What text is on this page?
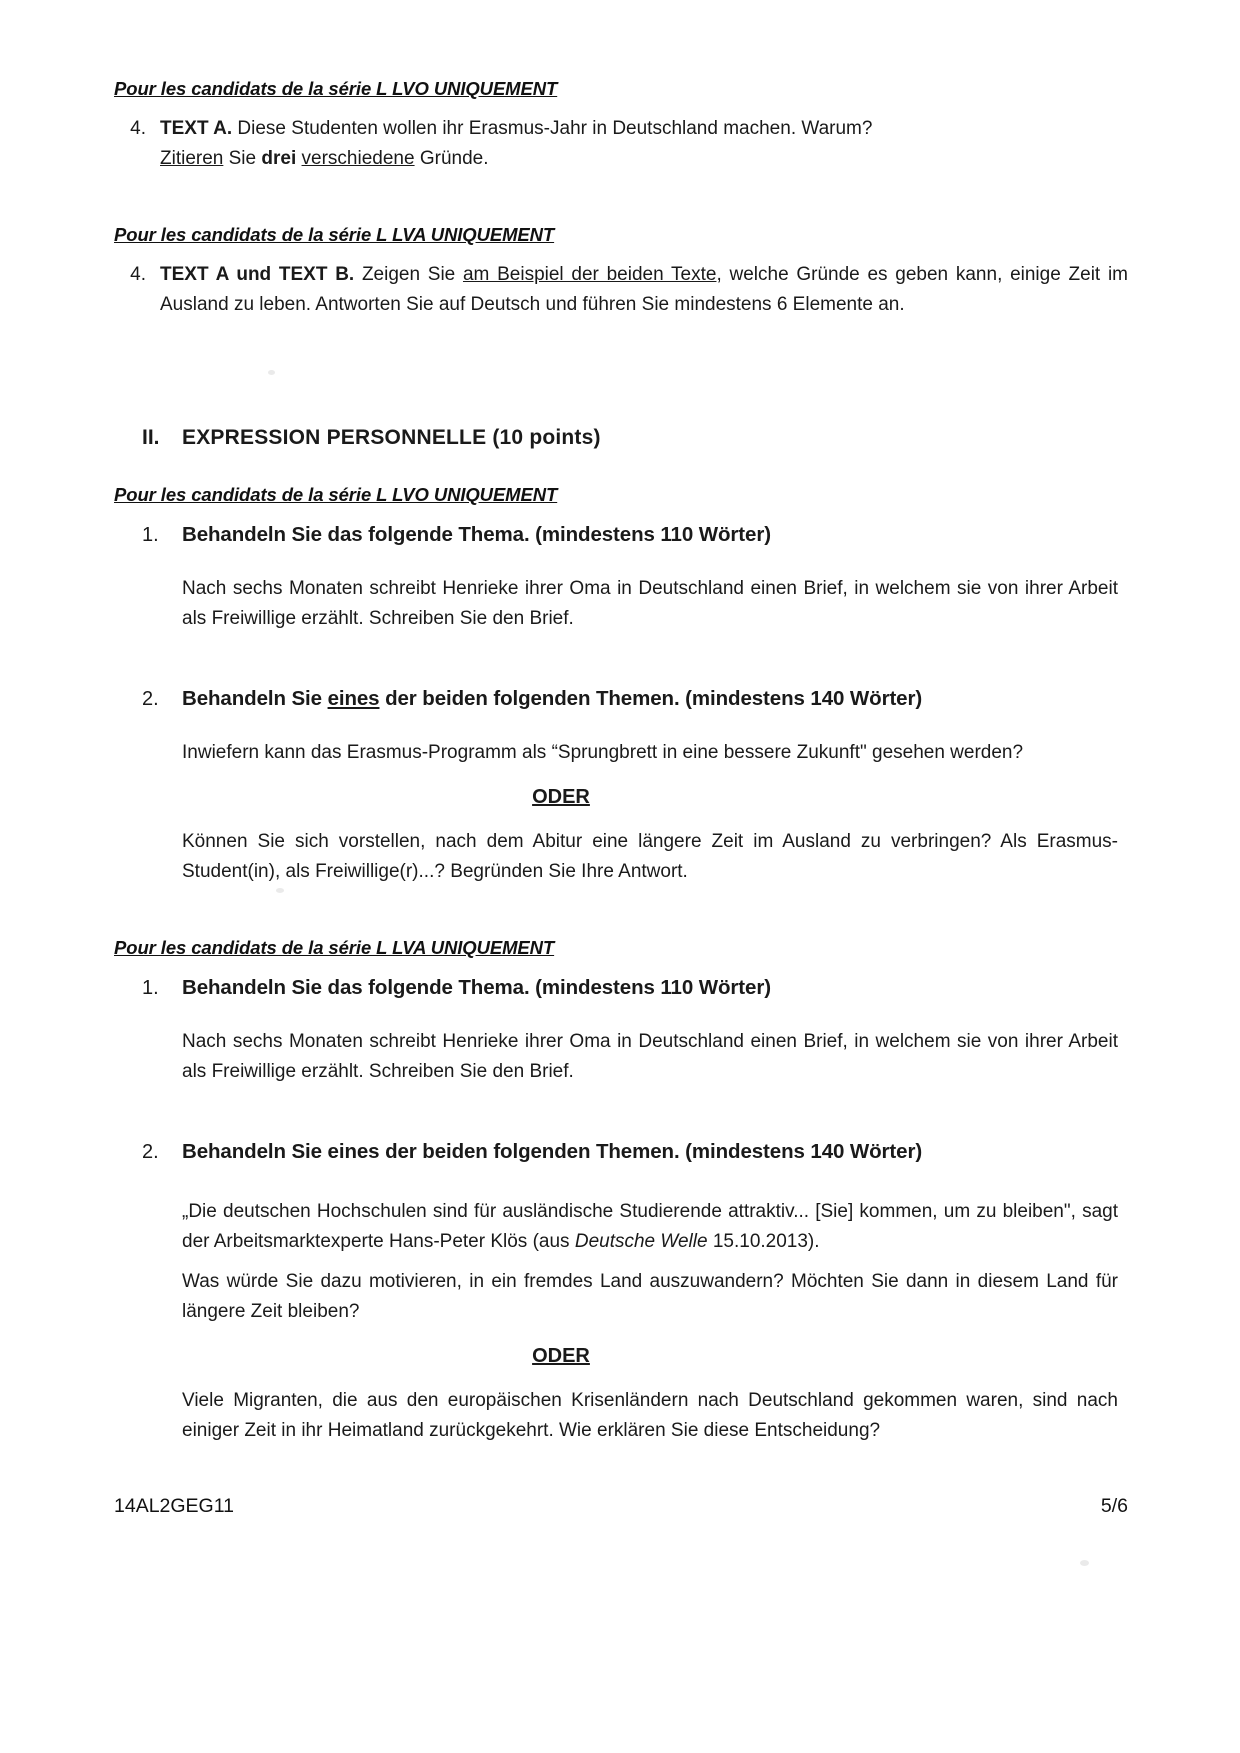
Pour les candidats de la série L LVO UNIQUEMENT
4. TEXT A. Diese Studenten wollen ihr Erasmus-Jahr in Deutschland machen. Warum?
Zitieren Sie drei verschiedene Gründe.
Pour les candidats de la série L LVA UNIQUEMENT
4. TEXT A und TEXT B. Zeigen Sie am Beispiel der beiden Texte, welche Gründe es geben kann, einige Zeit im Ausland zu leben. Antworten Sie auf Deutsch und führen Sie mindestens 6 Elemente an.
II.	EXPRESSION PERSONNELLE (10 points)
Pour les candidats de la série L LVO UNIQUEMENT
1.	Behandeln Sie das folgende Thema. (mindestens 110 Wörter)
Nach sechs Monaten schreibt Henrieke ihrer Oma in Deutschland einen Brief, in welchem sie von ihrer Arbeit als Freiwillige erzählt. Schreiben Sie den Brief.
2.	Behandeln Sie eines der beiden folgenden Themen. (mindestens 140 Wörter)
Inwiefern kann das Erasmus-Programm als “Sprungbrett in eine bessere Zukunft" gesehen werden?
ODER
Können Sie sich vorstellen, nach dem Abitur eine längere Zeit im Ausland zu verbringen? Als Erasmus-Student(in), als Freiwillige(r)...? Begründen Sie Ihre Antwort.
Pour les candidats de la série L LVA UNIQUEMENT
1.	Behandeln Sie das folgende Thema. (mindestens 110 Wörter)
Nach sechs Monaten schreibt Henrieke ihrer Oma in Deutschland einen Brief, in welchem sie von ihrer Arbeit als Freiwillige erzählt. Schreiben Sie den Brief.
2.	Behandeln Sie eines der beiden folgenden Themen. (mindestens 140 Wörter)
„Die deutschen Hochschulen sind für ausländische Studierende attraktiv... [Sie] kommen, um zu bleiben", sagt der Arbeitsmarktexperte Hans-Peter Klös (aus Deutsche Welle 15.10.2013).
Was würde Sie dazu motivieren, in ein fremdes Land auszuwandern? Möchten Sie dann in diesem Land für längere Zeit bleiben?
ODER
Viele Migranten, die aus den europäischen Krisenländern nach Deutschland gekommen waren, sind nach einiger Zeit in ihr Heimatland zurückgekehrt. Wie erklären Sie diese Entscheidung?
14AL2GEG11	5/6
